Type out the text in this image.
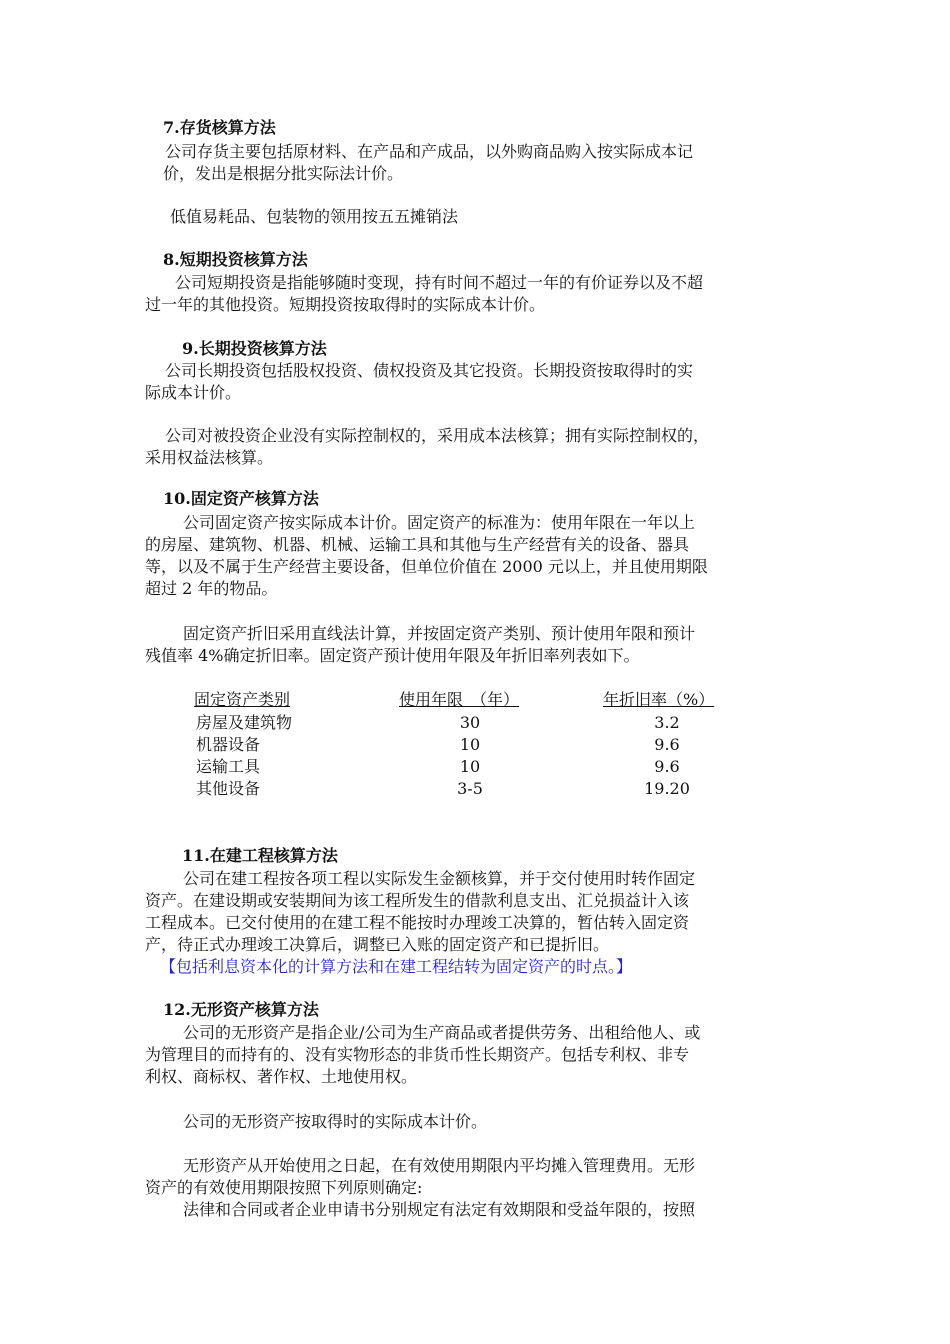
7.存货核算方法
公司存货主要包括原材料、在产品和产成品，以外购商品购入按实际成本记
价，发出是根据分批实际法计价。
低值易耗品、包装物的领用按五五摊销法
8.短期投资核算方法
公司短期投资是指能够随时变现，持有时间不超过一年的有价证券以及不超
过一年的其他投资。短期投资按取得时的实际成本计价。
9.长期投资核算方法
公司长期投资包括股权投资、债权投资及其它投资。长期投资按取得时的实
际成本计价。
公司对被投资企业没有实际控制权的，采用成本法核算；拥有实际控制权的，
采用权益法核算。
10.固定资产核算方法
公司固定资产按实际成本计价。固定资产的标准为：使用年限在一年以上
的房屋、建筑物、机器、机械、运输工具和其他与生产经营有关的设备、器具
等，以及不属于生产经营主要设备，但单位价值在 2000 元以上，并且使用期限
超过 2 年的物品。
固定资产折旧采用直线法计算，并按固定资产类别、预计使用年限和预计
残值率 4%确定折旧率。固定资产预计使用年限及年折旧率列表如下。
固定资产类别	使用年限　（年）	年折旧率（%）
房屋及建筑物	30	3.2
机器设备	10	9.6
运输工具	10	9.6
其他设备	3-5	19.20
11.在建工程核算方法
公司在建工程按各项工程以实际发生金额核算，并于交付使用时转作固定
资产。在建设期或安装期间为该工程所发生的借款利息支出、汇兑损益计入该
工程成本。已交付使用的在建工程不能按时办理竣工决算的，暂估转入固定资
产，待正式办理竣工决算后，调整已入账的固定资产和已提折旧。
【包括利息资本化的计算方法和在建工程结转为固定资产的时点。】
12.无形资产核算方法
公司的无形资产是指企业/公司为生产商品或者提供劳务、出租给他人、或
为管理目的而持有的、没有实物形态的非货币性长期资产。包括专利权、非专
利权、商标权、著作权、土地使用权。
公司的无形资产按取得时的实际成本计价。
无形资产从开始使用之日起，在有效使用期限内平均摊入管理费用。无形
资产的有效使用期限按照下列原则确定:
法律和合同或者企业申请书分别规定有法定有效期限和受益年限的，按照
